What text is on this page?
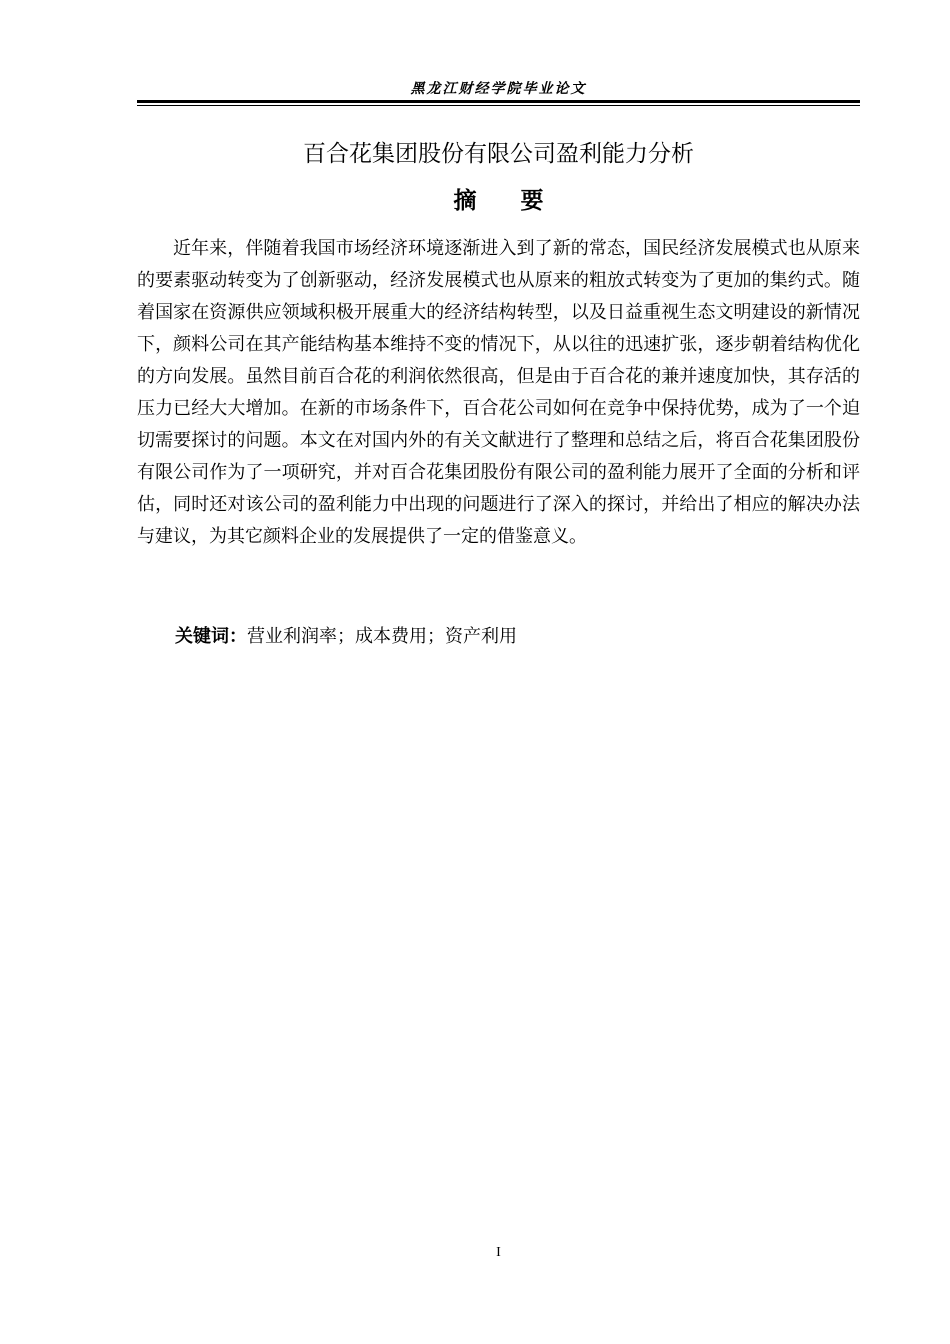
黑龙江财经学院毕业论文
百合花集团股份有限公司盈利能力分析
摘要

近年来，伴随着我国市场经济环境逐渐进入到了新的常态，国民经济发展模式也从原来的要素驱动转变为了创新驱动，经济发展模式也从原来的粗放式转变为了更加的集约式。随着国家在资源供应领域积极开展重大的经济结构转型，以及日益重视生态文明建设的新情况下，颜料公司在其产能结构基本维持不变的情况下，从以往的迅速扩张，逐步朝着结构优化的方向发展。虽然目前百合花的利润依然很高，但是由于百合花的兼并速度加快，其存活的压力已经大大增加。在新的市场条件下，百合花公司如何在竞争中保持优势，成为了一个迫切需要探讨的问题。本文在对国内外的有关文献进行了整理和总结之后，将百合花集团股份有限公司作为了一项研究，并对百合花集团股份有限公司的盈利能力展开了全面的分析和评估，同时还对该公司的盈利能力中出现的问题进行了深入的探讨，并给出了相应的解决办法与建议，为其它颜料企业的发展提供了一定的借鉴意义。

关键词：营业利润率；成本费用；资产利用
I
